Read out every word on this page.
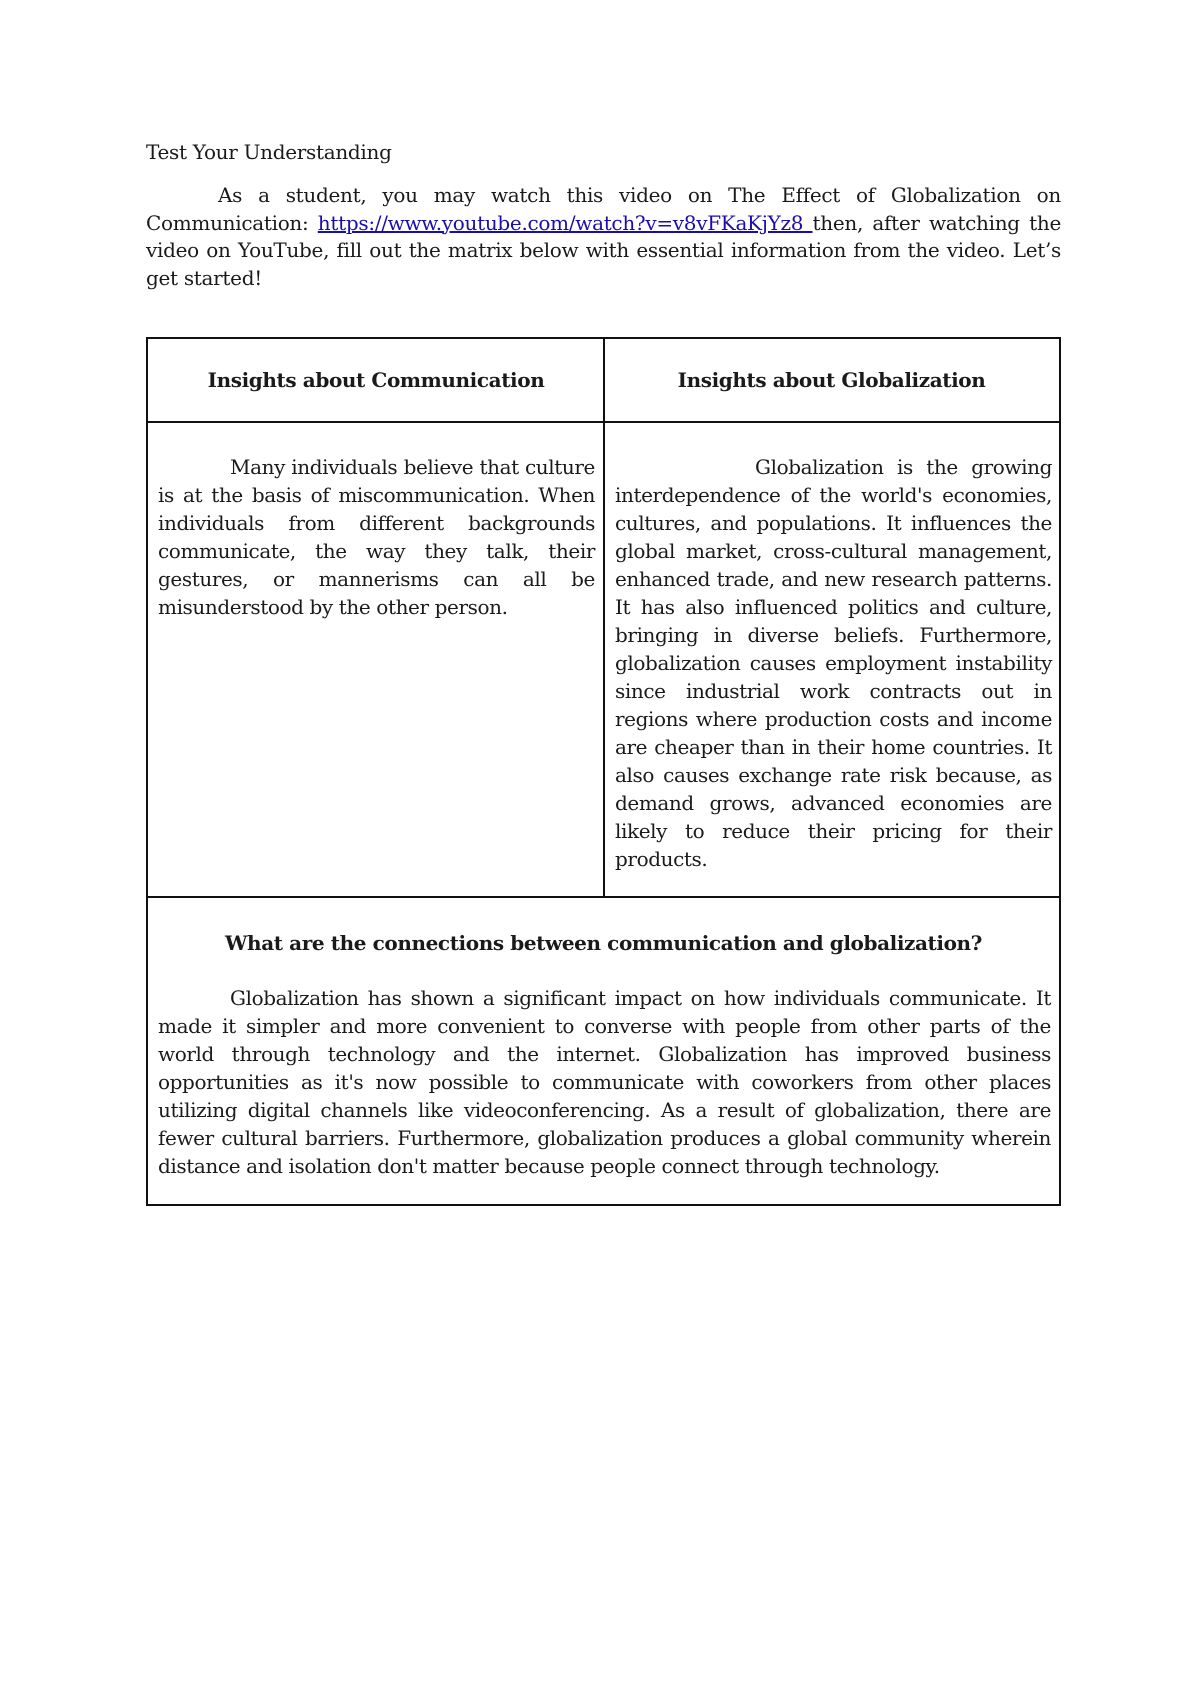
Test Your Understanding
As a student, you may watch this video on The Effect of Globalization on Communication: https://www.youtube.com/watch?v=v8vFKaKjYz8 then, after watching the video on YouTube, fill out the matrix below with essential information from the video. Let’s get started!
Insights about Communication	Insights about Globalization
Many individuals believe that culture is at the basis of miscommunication. When individuals from different backgrounds communicate, the way they talk, their gestures, or mannerisms can all be misunderstood by the other person.
Globalization is the growing interdependence of the world's economies, cultures, and populations. It influences the global market, cross-cultural management, enhanced trade, and new research patterns. It has also influenced politics and culture, bringing in diverse beliefs. Furthermore, globalization causes employment instability since industrial work contracts out in regions where production costs and income are cheaper than in their home countries. It also causes exchange rate risk because, as demand grows, advanced economies are likely to reduce their pricing for their products.
What are the connections between communication and globalization?
Globalization has shown a significant impact on how individuals communicate. It made it simpler and more convenient to converse with people from other parts of the world through technology and the internet. Globalization has improved business opportunities as it's now possible to communicate with coworkers from other places utilizing digital channels like videoconferencing. As a result of globalization, there are fewer cultural barriers. Furthermore, globalization produces a global community wherein distance and isolation don't matter because people connect through technology.
